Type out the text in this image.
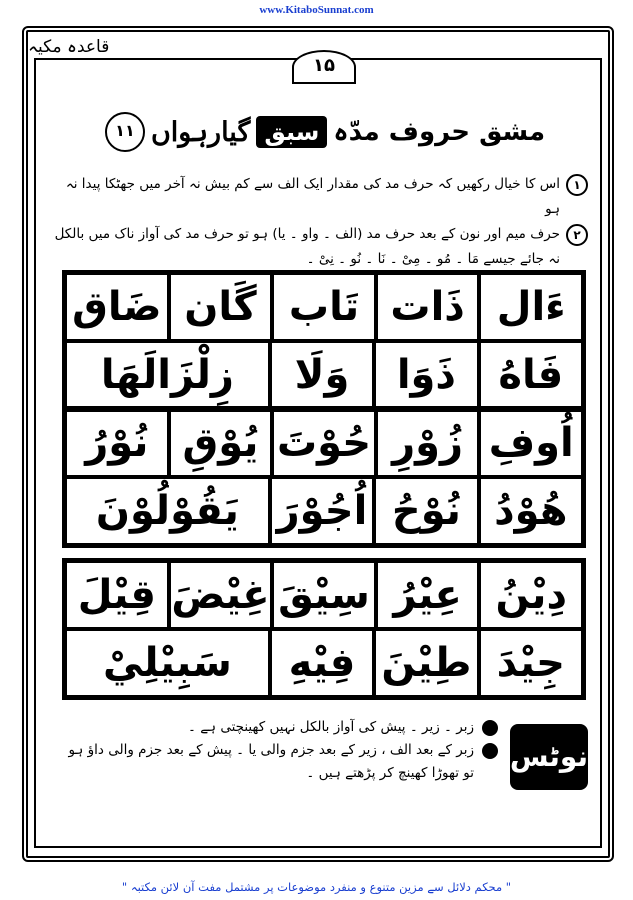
www.KitaboSunnat.com
قاعدہ مکیہ
۱۵
۱۱ گیارہواں سبق مشق حروف مدّہ
۱
اس کا خیال رکھیں کہ حرف مد کی مقدار ایک الف سے کم بیش نہ آخر میں جھٹکا پیدا نہ ہو
۲
حرف میم اور نون کے بعد حرف مد (الف ۔ واو ۔ یا) ہو تو حرف مد کی آواز ناک میں بالکل نہ جائے جیسے مَا ۔ مُو ۔ مِیْ ۔ نَا ۔ نُو ۔ نِیْ ۔
ءَال
ذَات
تَاب
گَان
ضَاق
فَاهُ
ذَوَا
وَلَا
زِلْزَالَهَا
اُوفِ
زُوْرِ
حُوْتَ
يُوْقِ
نُوْرُ
هُوْدُ
نُوْحُ
اُجُوْرَ
يَقُوْلُوْنَ
دِيْنُ
عِيْرُ
سِيْقَ
غِيْضَ
قِيْلَ
جِيْدَ
طِيْنَ
فِيْهِ
سَبِيْلِيْ
نوٹس
زبر ۔ زیر ۔ پیش کی آواز بالکل نہیں کھینچتی ہے ۔
زبر کے بعد الف ، زیر کے بعد جزم والی یا ۔ پیش کے بعد جزم والی داؤ ہو تو تھوڑا کھینچ کر پڑھتے ہیں ۔
" محکم دلائل سے مزین متنوع و منفرد موضوعات پر مشتمل مفت آن لائن مکتبہ "
